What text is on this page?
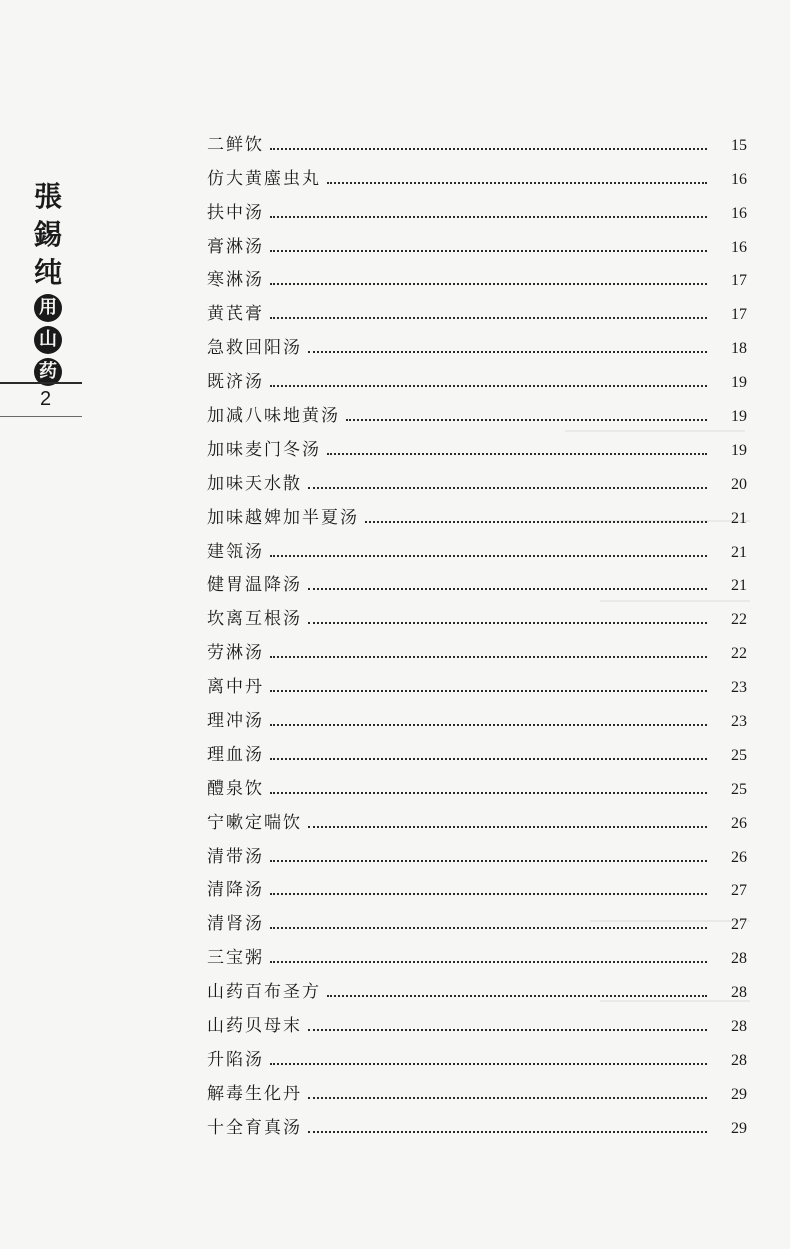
張
錫
纯
用
山
药
2
二鲜饮	15
仿大黄䗪虫丸	16
扶中汤	16
膏淋汤	16
寒淋汤	17
黄芪膏	17
急救回阳汤	18
既济汤	19
加减八味地黄汤	19
加味麦门冬汤	19
加味天水散	20
加味越婢加半夏汤	21
建瓴汤	21
健胃温降汤	21
坎离互根汤	22
劳淋汤	22
离中丹	23
理冲汤	23
理血汤	25
醴泉饮	25
宁嗽定喘饮	26
清带汤	26
清降汤	27
清肾汤	27
三宝粥	28
山药百布圣方	28
山药贝母末	28
升陷汤	28
解毒生化丹	29
十全育真汤	29
